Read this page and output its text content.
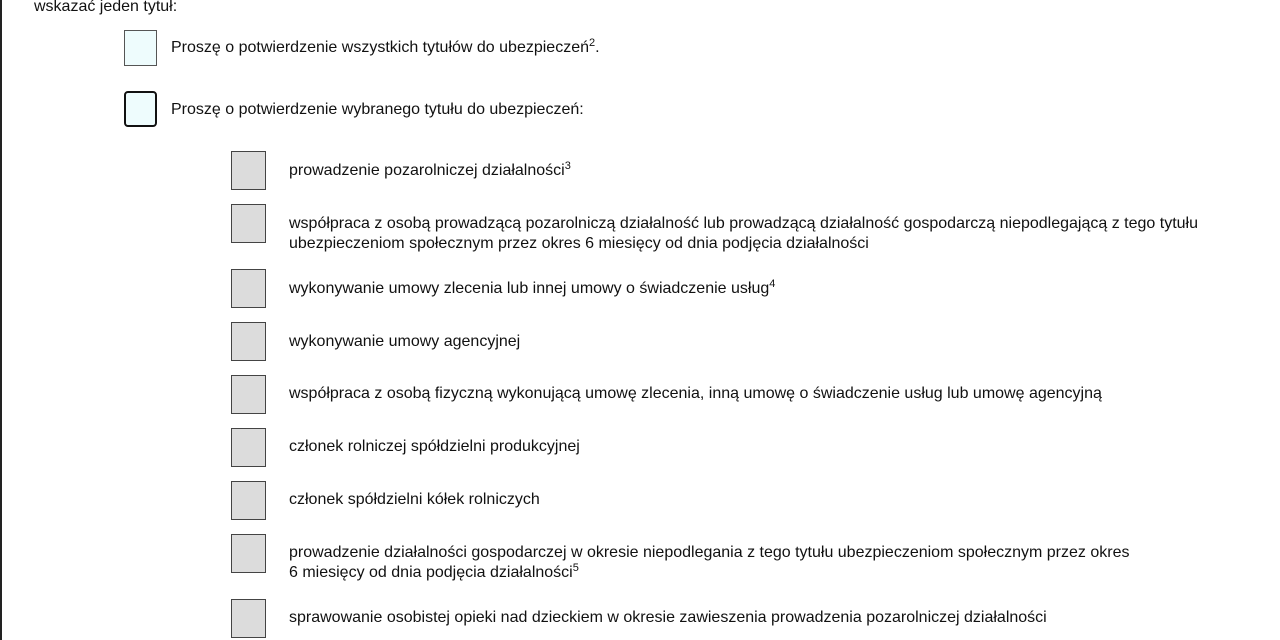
wskazać jeden tytuł:
Proszę o potwierdzenie wszystkich tytułów do ubezpieczeń$^2$.
Proszę o potwierdzenie wybranego tytułu do ubezpieczeń:
prowadzenie pozarolniczej działalności$^3$
współpraca z osobą prowadzącą pozarolniczą działalność lub prowadzącą działalność gospodarczą niepodlegającą z tego tytułu
ubezpieczeniom społecznym przez okres 6 miesięcy od dnia podjęcia działalności
wykonywanie umowy zlecenia lub innej umowy o świadczenie usług$^4$
wykonywanie umowy agencyjnej
współpraca z osobą fizyczną wykonującą umowę zlecenia, inną umowę o świadczenie usług lub umowę agencyjną
członek rolniczej spółdzielni produkcyjnej
członek spółdzielni kółek rolniczych
prowadzenie działalności gospodarczej w okresie niepodlegania z tego tytułu ubezpieczeniom społecznym przez okres
6 miesięcy od dnia podjęcia działalności$^5$
sprawowanie osobistej opieki nad dzieckiem w okresie zawieszenia prowadzenia pozarolniczej działalności
